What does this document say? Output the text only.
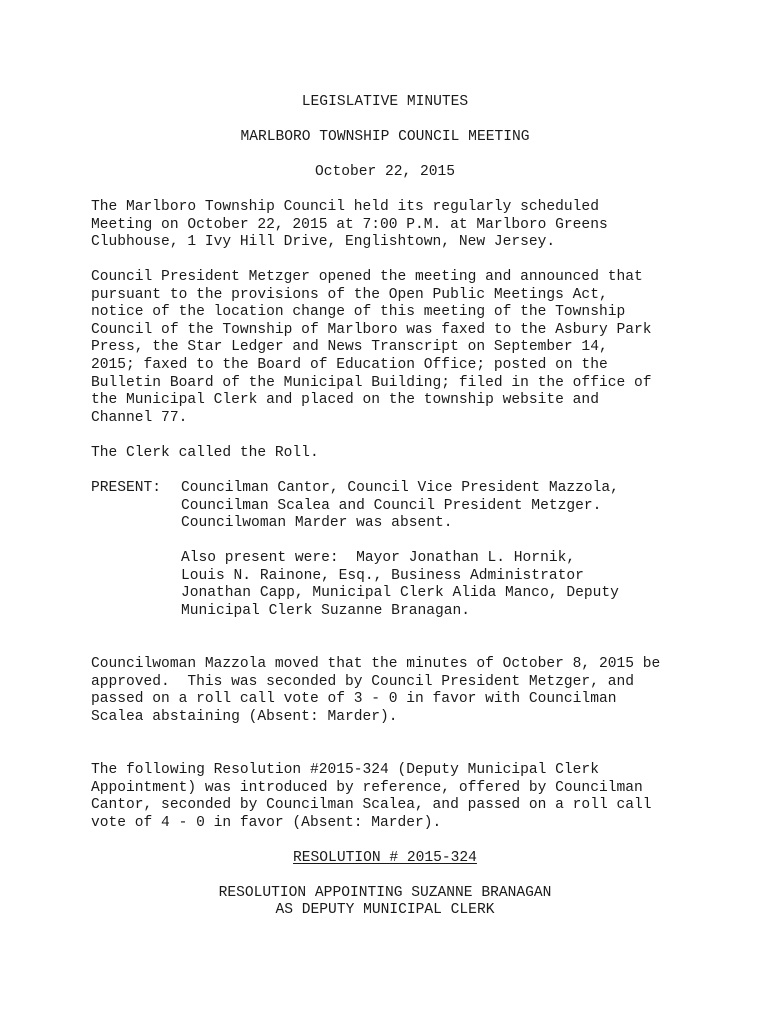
LEGISLATIVE MINUTES
MARLBORO TOWNSHIP COUNCIL MEETING
October 22, 2015
The Marlboro Township Council held its regularly scheduled
Meeting on October 22, 2015 at 7:00 P.M. at Marlboro Greens
Clubhouse, 1 Ivy Hill Drive, Englishtown, New Jersey.
Council President Metzger opened the meeting and announced that
pursuant to the provisions of the Open Public Meetings Act,
notice of the location change of this meeting of the Township
Council of the Township of Marlboro was faxed to the Asbury Park
Press, the Star Ledger and News Transcript on September 14,
2015; faxed to the Board of Education Office; posted on the
Bulletin Board of the Municipal Building; filed in the office of
the Municipal Clerk and placed on the township website and
Channel 77.
The Clerk called the Roll.
PRESENT: Councilman Cantor, Council Vice President Mazzola,
Councilman Scalea and Council President Metzger.
Councilwoman Marder was absent.
Also present were:  Mayor Jonathan L. Hornik,
Louis N. Rainone, Esq., Business Administrator
Jonathan Capp, Municipal Clerk Alida Manco, Deputy
Municipal Clerk Suzanne Branagan.
Councilwoman Mazzola moved that the minutes of October 8, 2015 be
approved.  This was seconded by Council President Metzger, and
passed on a roll call vote of 3 - 0 in favor with Councilman
Scalea abstaining (Absent: Marder).
The following Resolution #2015-324 (Deputy Municipal Clerk
Appointment) was introduced by reference, offered by Councilman
Cantor, seconded by Councilman Scalea, and passed on a roll call
vote of 4 - 0 in favor (Absent: Marder).
RESOLUTION # 2015-324
RESOLUTION APPOINTING SUZANNE BRANAGAN
AS DEPUTY MUNICIPAL CLERK
